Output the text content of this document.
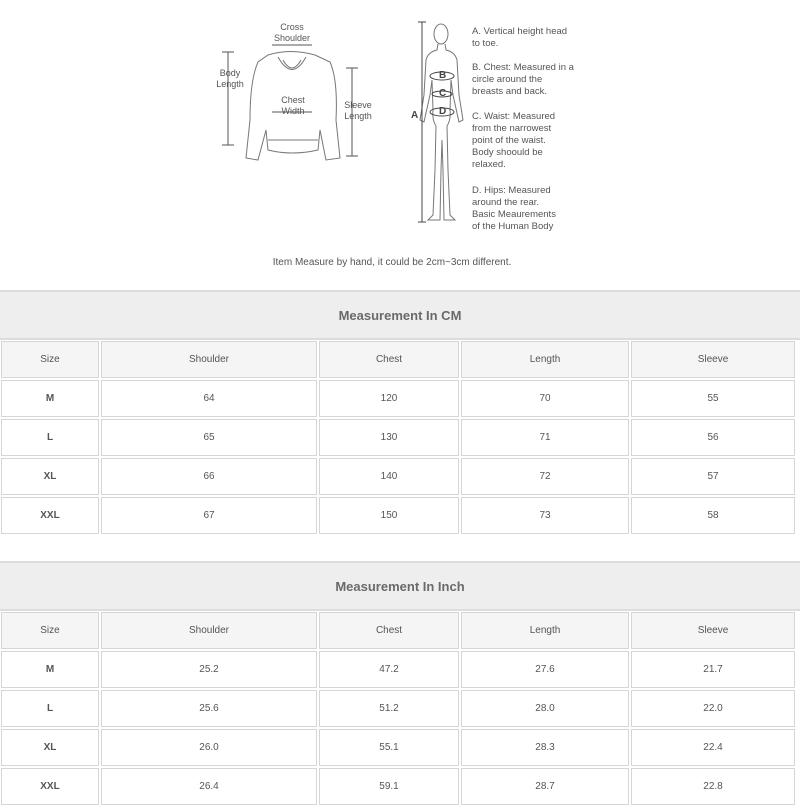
Cross
Shoulder
Body
Length
Chest
Width
Sleeve
Length	A
B
C
D
A. Vertical height head
to toe.
B. Chest: Measured in a
circle around the
breasts and back.
C. Waist: Measured
from the narrowest
point of the waist.
Body shoould be
relaxed.
D. Hips: Measured
around the rear.
Basic Meaurements
of the Human Body
Item Measure by hand, it could be 2cm~3cm different.
Measurement In CM
Size	Shoulder	Chest	Length	Sleeve
M	64	120	70	55
L	65	130	71	56
XL	66	140	72	57
XXL	67	150	73	58
Measurement In Inch
Size	Shoulder	Chest	Length	Sleeve
M	25.2	47.2	27.6	21.7
L	25.6	51.2	28.0	22.0
XL	26.0	55.1	28.3	22.4
XXL	26.4	59.1	28.7	22.8
